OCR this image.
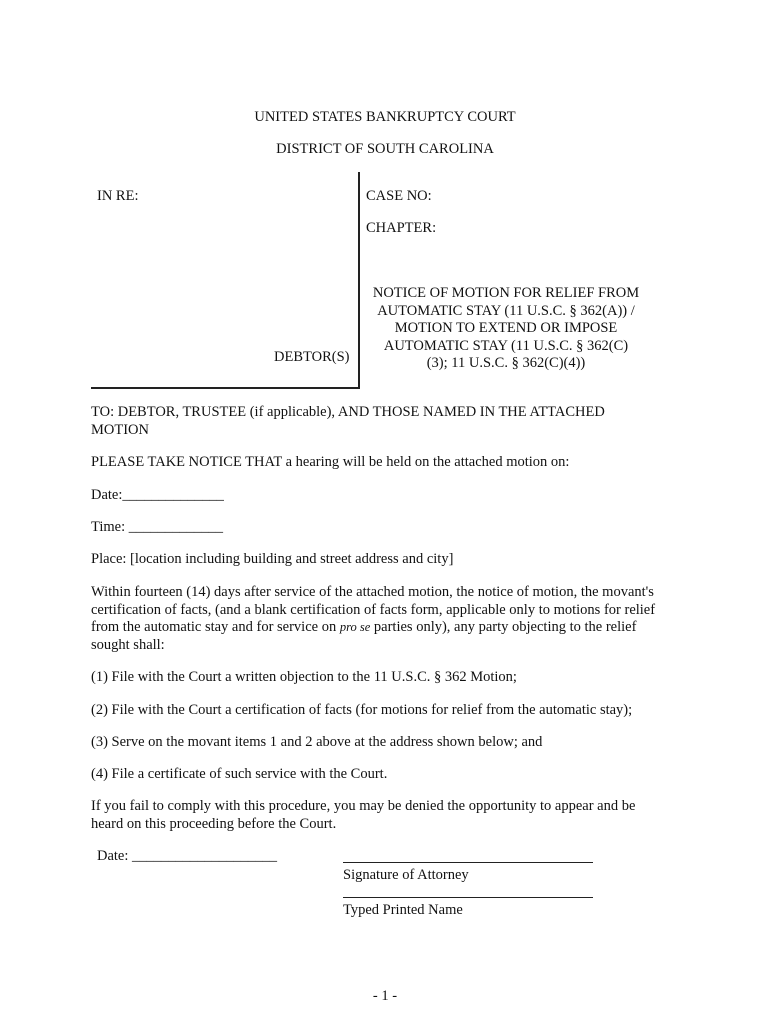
UNITED STATES BANKRUPTCY COURT
DISTRICT OF SOUTH CAROLINA
IN RE:	CASE NO:
CHAPTER:
DEBTOR(S)
NOTICE OF MOTION FOR RELIEF FROM
AUTOMATIC STAY (11 U.S.C. § 362(A)) /
MOTION TO EXTEND OR IMPOSE
AUTOMATIC STAY (11 U.S.C. § 362(C)
(3); 11 U.S.C. § 362(C)(4))
TO: DEBTOR, TRUSTEE (if applicable), AND THOSE NAMED IN THE ATTACHED
MOTION
PLEASE TAKE NOTICE THAT a hearing will be held on the attached motion on:
Date:______________
Time: _____________
Place: [location including building and street address and city]
Within fourteen (14) days after service of the attached motion, the notice of motion, the movant's
certification of facts, (and a blank certification of facts form, applicable only to motions for relief
from the automatic stay and for service on pro se parties only), any party objecting to the relief
sought shall:
(1) File with the Court a written objection to the 11 U.S.C. § 362 Motion;
(2) File with the Court a certification of facts (for motions for relief from the automatic stay);
(3) Serve on the movant items 1 and 2 above at the address shown below; and
(4) File a certificate of such service with the Court.
If you fail to comply with this procedure, you may be denied the opportunity to appear and be
heard on this proceeding before the Court.
Date: ____________________
Signature of Attorney
Typed Printed Name
- 1 -
